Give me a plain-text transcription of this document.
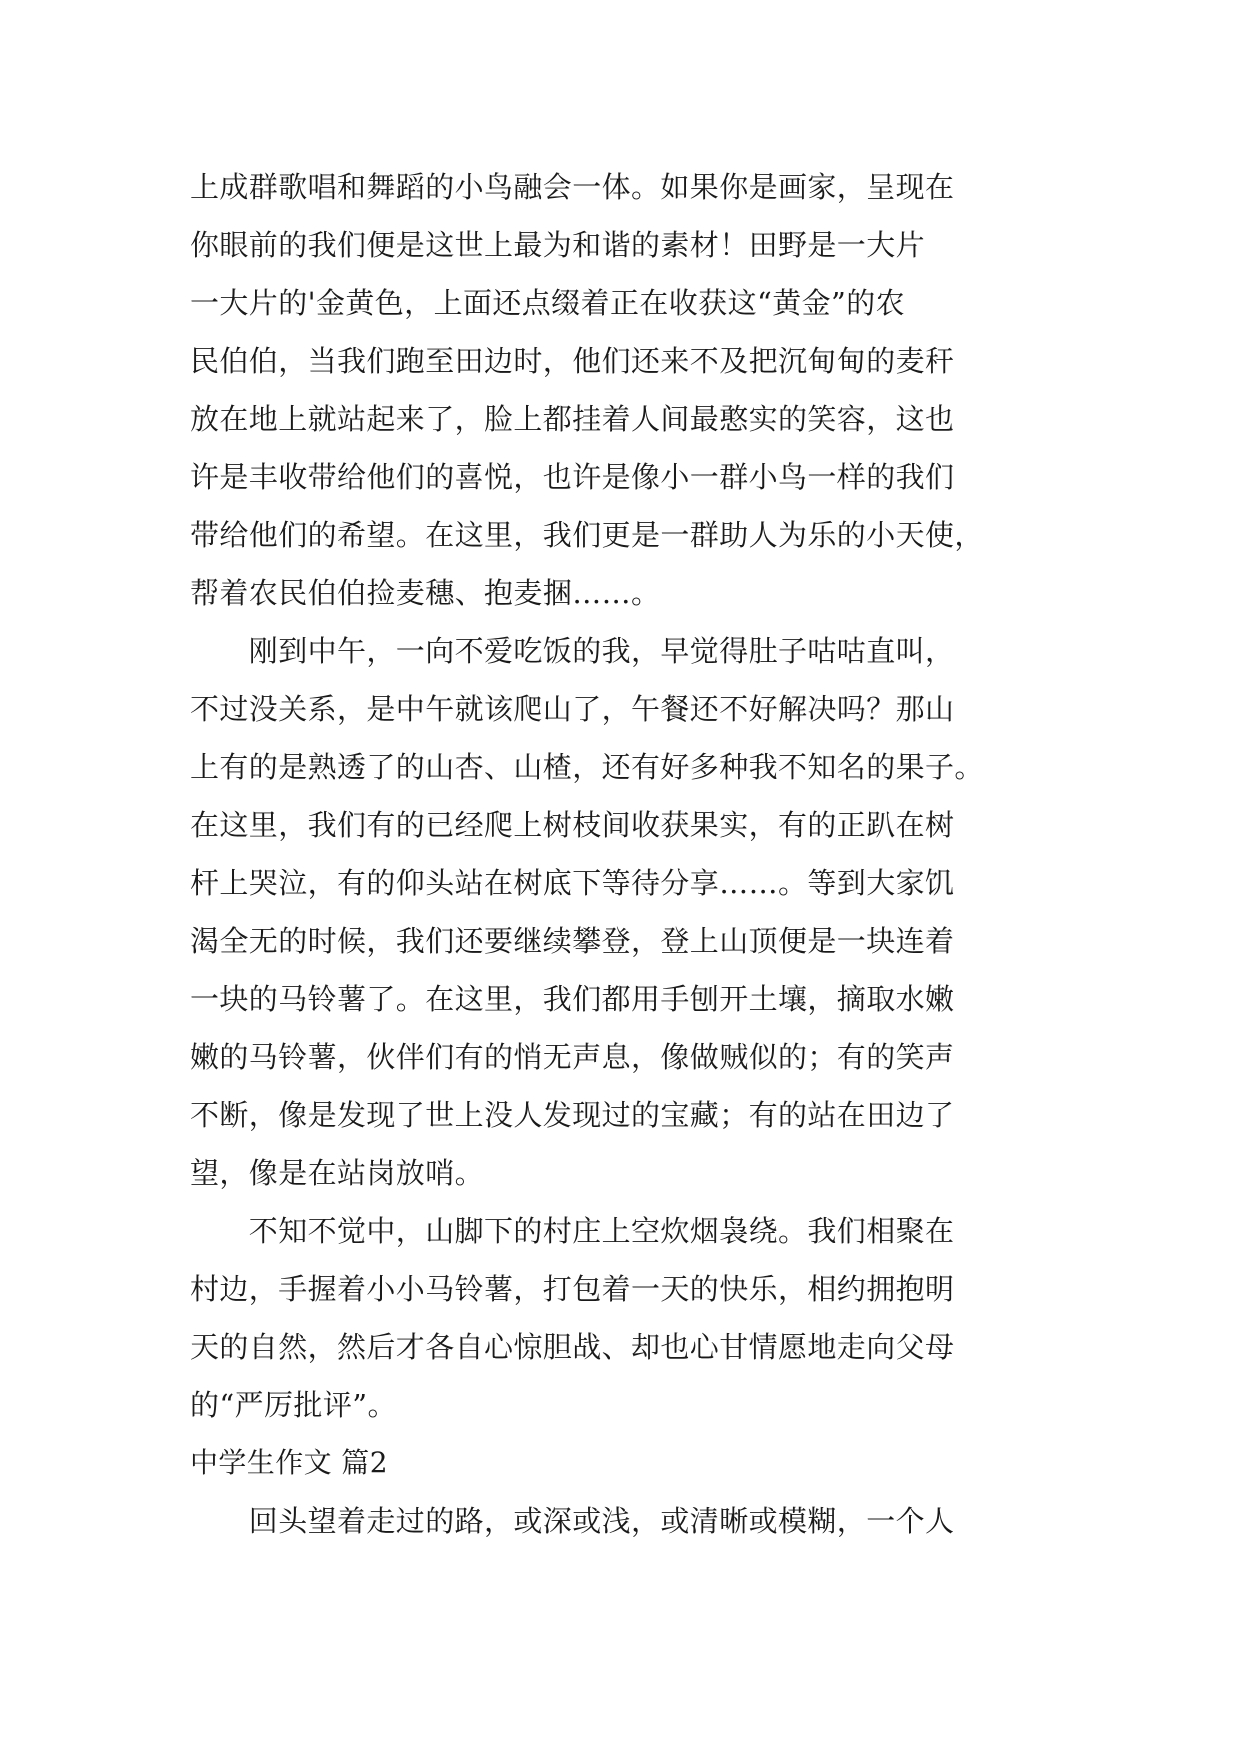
上成群歌唱和舞蹈的小鸟融会一体。如果你是画家，呈现在
你眼前的我们便是这世上最为和谐的素材！田野是一大片
一大片的'金黄色，上面还点缀着正在收获这“黄金”的农
民伯伯，当我们跑至田边时，他们还来不及把沉甸甸的麦秆
放在地上就站起来了，脸上都挂着人间最憨实的笑容，这也
许是丰收带给他们的喜悦，也许是像小一群小鸟一样的我们
带给他们的希望。在这里，我们更是一群助人为乐的小天使，
帮着农民伯伯捡麦穗、抱麦捆……。
　　刚到中午，一向不爱吃饭的我，早觉得肚子咕咕直叫，
不过没关系，是中午就该爬山了，午餐还不好解决吗？那山
上有的是熟透了的山杏、山楂，还有好多种我不知名的果子。
在这里，我们有的已经爬上树枝间收获果实，有的正趴在树
杆上哭泣，有的仰头站在树底下等待分享……。等到大家饥
渴全无的时候，我们还要继续攀登，登上山顶便是一块连着
一块的马铃薯了。在这里，我们都用手刨开土壤，摘取水嫩
嫩的马铃薯，伙伴们有的悄无声息，像做贼似的；有的笑声
不断，像是发现了世上没人发现过的宝藏；有的站在田边了
望，像是在站岗放哨。
　　不知不觉中，山脚下的村庄上空炊烟袅绕。我们相聚在
村边，手握着小小马铃薯，打包着一天的快乐，相约拥抱明
天的自然，然后才各自心惊胆战、却也心甘情愿地走向父母
的“严厉批评”。
中学生作文 篇2
　　回头望着走过的路，或深或浅，或清晰或模糊，一个人
